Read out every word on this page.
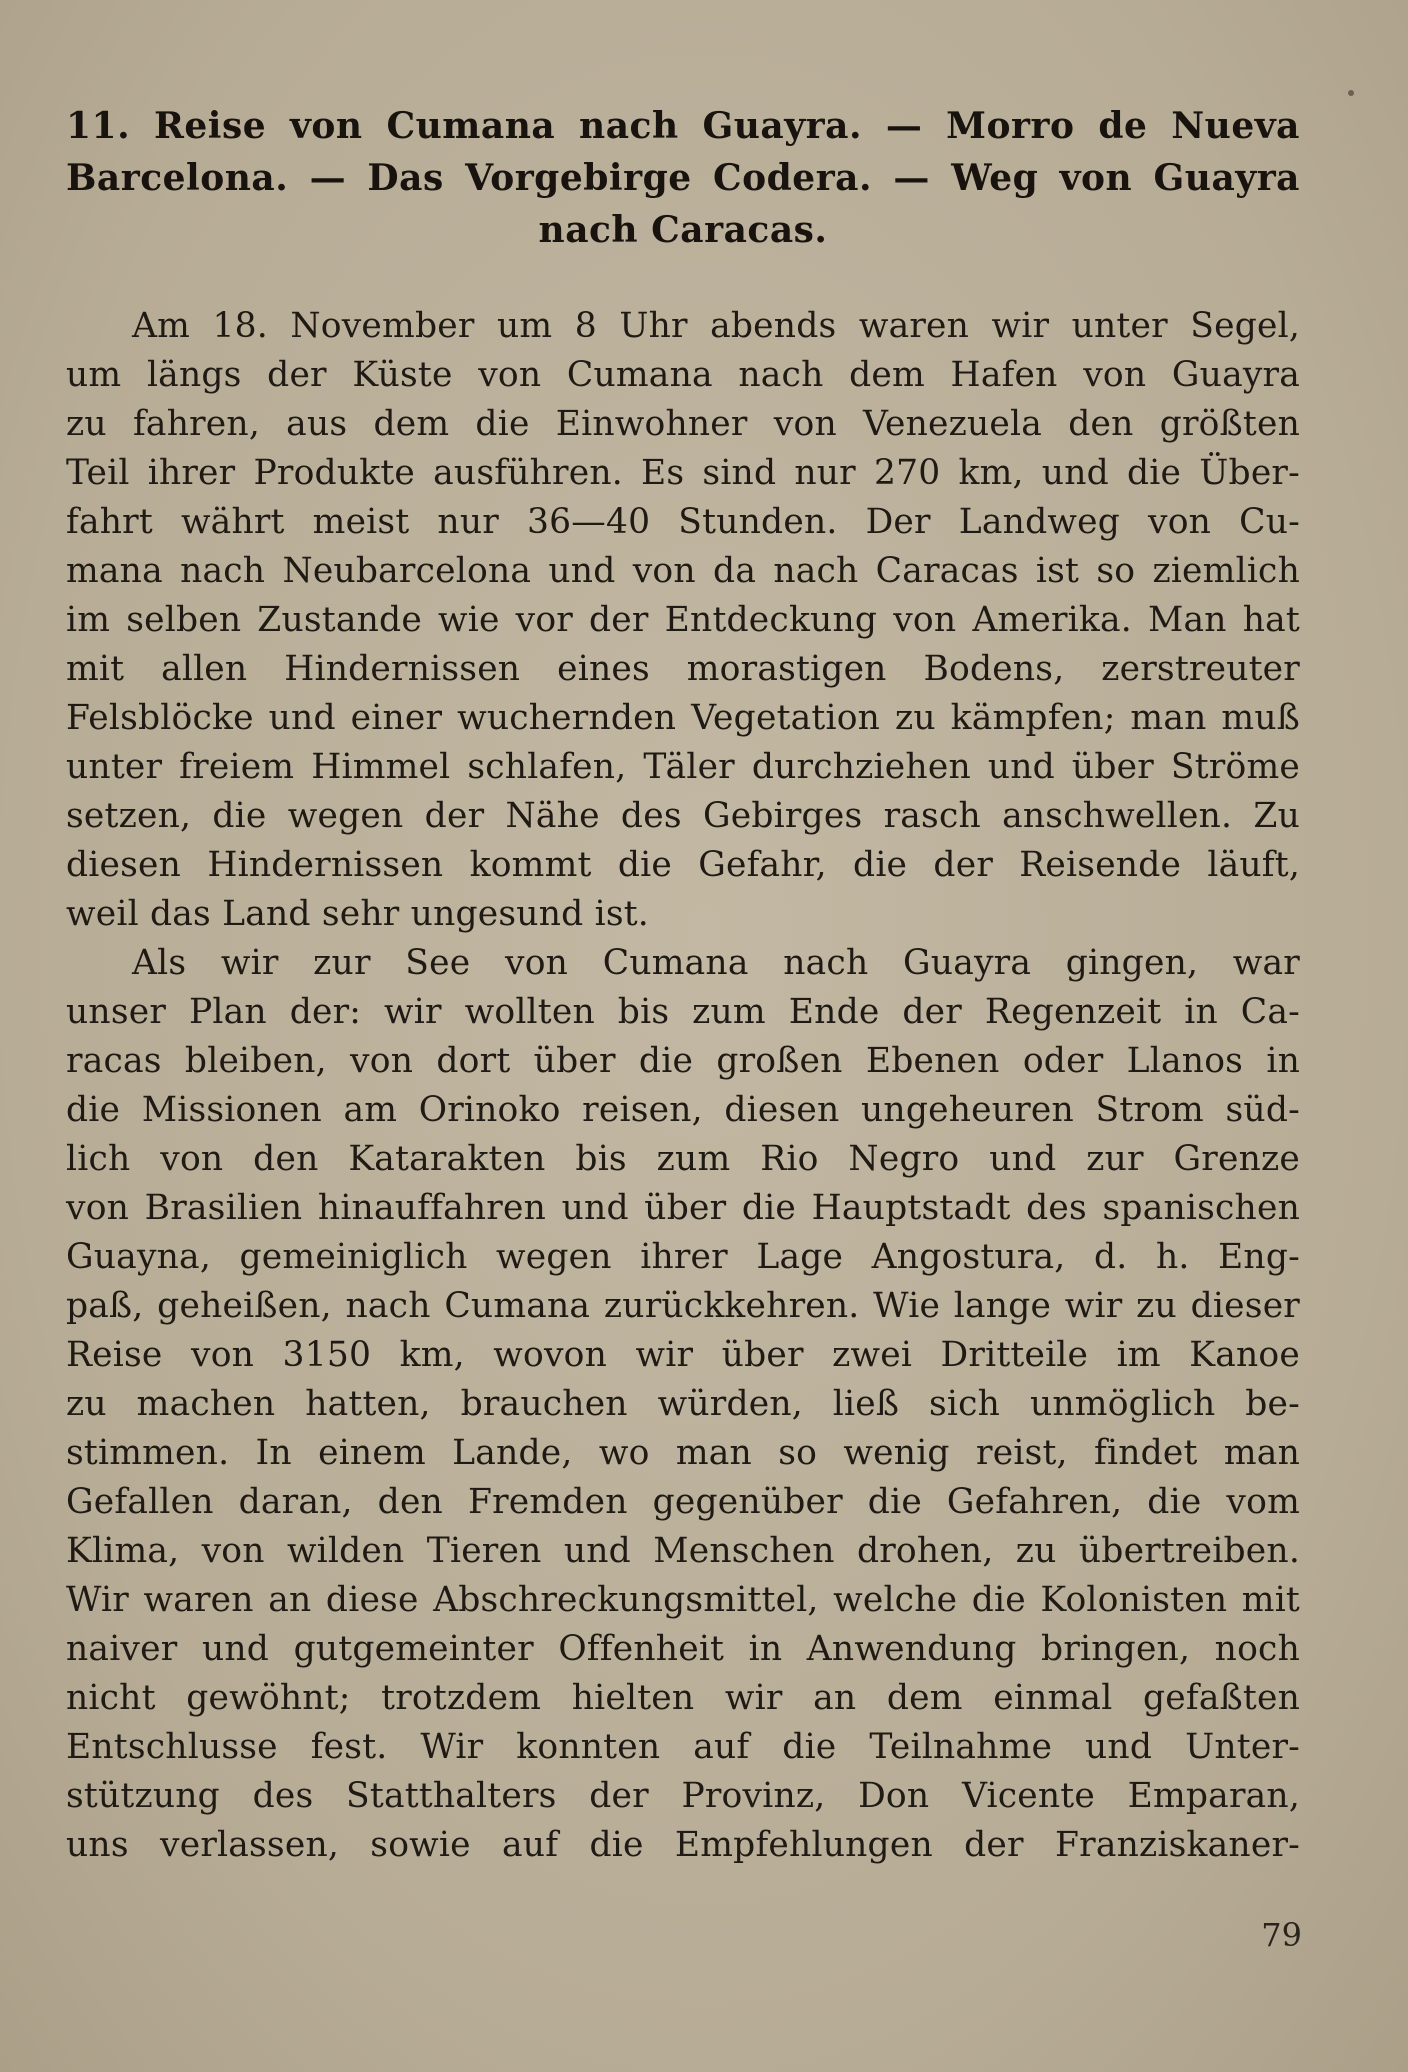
11. Reise von Cumana nach Guayra. — Morro de Nueva Barcelona. — Das Vorgebirge Codera. — Weg von Guayra nach Caracas.
Am 18. November um 8 Uhr abends waren wir unter Segel,
um längs der Küste von Cumana nach dem Hafen von Guayra
zu fahren, aus dem die Einwohner von Venezuela den größten
Teil ihrer Produkte ausführen. Es sind nur 270 km, und die Über-
fahrt währt meist nur 36—40 Stunden. Der Landweg von Cu-
mana nach Neubarcelona und von da nach Caracas ist so ziemlich
im selben Zustande wie vor der Entdeckung von Amerika. Man hat
mit allen Hindernissen eines morastigen Bodens, zerstreuter
Felsblöcke und einer wuchernden Vegetation zu kämpfen; man muß
unter freiem Himmel schlafen, Täler durchziehen und über Ströme
setzen, die wegen der Nähe des Gebirges rasch anschwellen. Zu
diesen Hindernissen kommt die Gefahr, die der Reisende läuft,
weil das Land sehr ungesund ist.
Als wir zur See von Cumana nach Guayra gingen, war
unser Plan der: wir wollten bis zum Ende der Regenzeit in Ca-
racas bleiben, von dort über die großen Ebenen oder Llanos in
die Missionen am Orinoko reisen, diesen ungeheuren Strom süd-
lich von den Katarakten bis zum Rio Negro und zur Grenze
von Brasilien hinauffahren und über die Hauptstadt des spanischen
Guayna, gemeiniglich wegen ihrer Lage Angostura, d. h. Eng-
paß, geheißen, nach Cumana zurückkehren. Wie lange wir zu dieser
Reise von 3150 km, wovon wir über zwei Dritteile im Kanoe
zu machen hatten, brauchen würden, ließ sich unmöglich be-
stimmen. In einem Lande, wo man so wenig reist, findet man
Gefallen daran, den Fremden gegenüber die Gefahren, die vom
Klima, von wilden Tieren und Menschen drohen, zu übertreiben.
Wir waren an diese Abschreckungsmittel, welche die Kolonisten mit
naiver und gutgemeinter Offenheit in Anwendung bringen, noch
nicht gewöhnt; trotzdem hielten wir an dem einmal gefaßten
Entschlusse fest. Wir konnten auf die Teilnahme und Unter-
stützung des Statthalters der Provinz, Don Vicente Emparan,
uns verlassen, sowie auf die Empfehlungen der Franziskaner-
79
